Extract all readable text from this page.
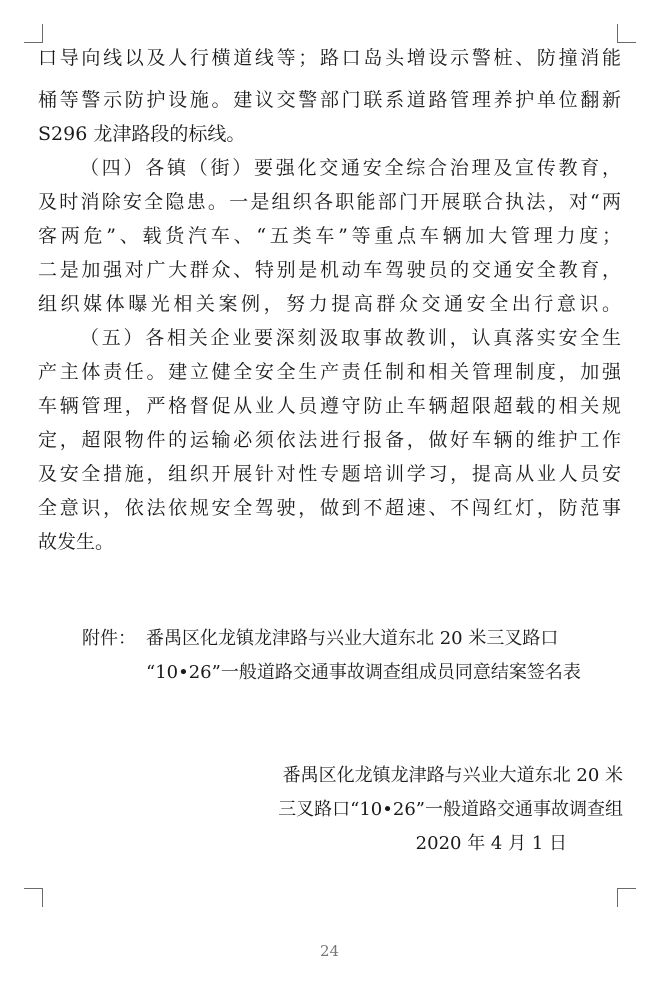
口导向线以及人行横道线等；路口岛头增设示警桩、防撞消能
桶等警示防护设施。建议交警部门联系道路管理养护单位翻新
S296 龙津路段的标线。
（四）各镇（街）要强化交通安全综合治理及宣传教育，
及时消除安全隐患。一是组织各职能部门开展联合执法，对“两
客两危”、载货汽车、“五类车”等重点车辆加大管理力度；
二是加强对广大群众、特别是机动车驾驶员的交通安全教育，
组织媒体曝光相关案例，努力提高群众交通安全出行意识。
（五）各相关企业要深刻汲取事故教训，认真落实安全生
产主体责任。建立健全安全生产责任制和相关管理制度，加强
车辆管理，严格督促从业人员遵守防止车辆超限超载的相关规
定，超限物件的运输必须依法进行报备，做好车辆的维护工作
及安全措施，组织开展针对性专题培训学习，提高从业人员安
全意识，依法依规安全驾驶，做到不超速、不闯红灯，防范事
故发生。
附件： 番禺区化龙镇龙津路与兴业大道东北 20 米三叉路口
“10•26”一般道路交通事故调查组成员同意结案签名表
番禺区化龙镇龙津路与兴业大道东北 20 米
三叉路口“10•26”一般道路交通事故调查组
2020 年 4 月 1 日
24
